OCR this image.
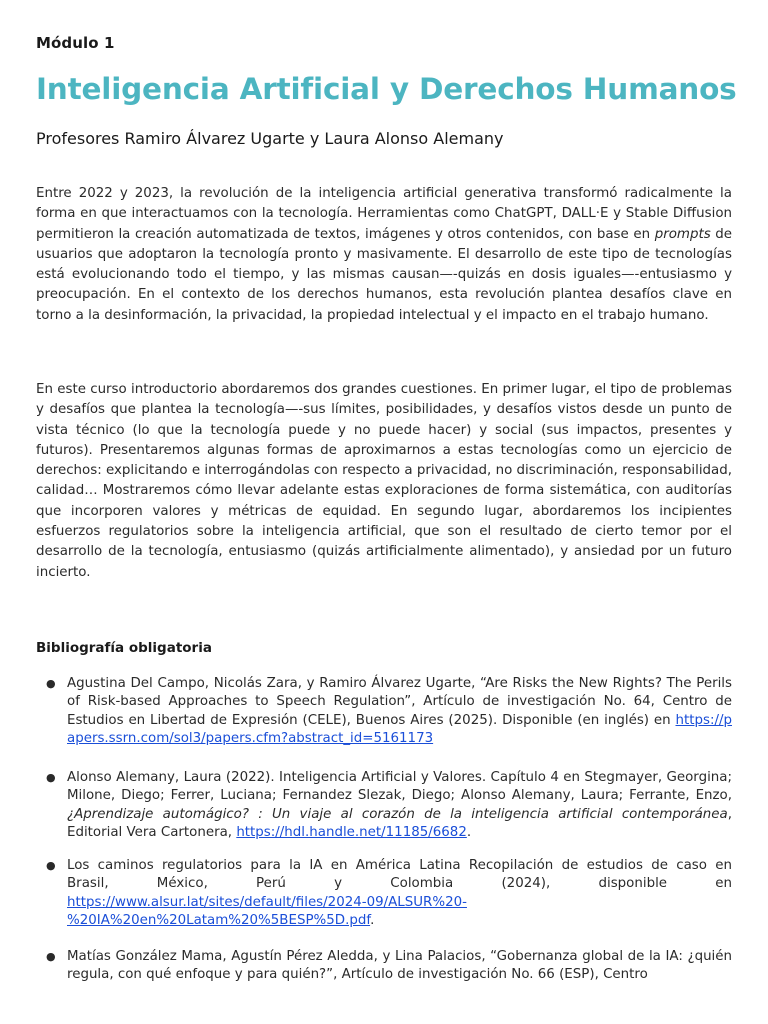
Módulo 1
Inteligencia Artificial y Derechos Humanos
Profesores Ramiro Álvarez Ugarte y Laura Alonso Alemany

Entre 2022 y 2023, la revolución de la inteligencia artificial generativa transformó radicalmente la forma en que interactuamos con la tecnología. Herramientas como ChatGPT, DALL·E y Stable Diffusion permitieron la creación automatizada de textos, imágenes y otros contenidos, con base en prompts de usuarios que adoptaron la tecnología pronto y masivamente. El desarrollo de este tipo de tecnologías está evolucionando todo el tiempo, y las mismas causan—-quizás en dosis iguales—-entusiasmo y preocupación. En el contexto de los derechos humanos, esta revolución plantea desafíos clave en torno a la desinformación, la privacidad, la propiedad intelectual y el impacto en el trabajo humano.

En este curso introductorio abordaremos dos grandes cuestiones. En primer lugar, el tipo de problemas y desafíos que plantea la tecnología—-sus límites, posibilidades, y desafíos vistos desde un punto de vista técnico (lo que la tecnología puede y no puede hacer) y social (sus impactos, presentes y futuros). Presentaremos algunas formas de aproximarnos a estas tecnologías como un ejercicio de derechos: explicitando e interrogándolas con respecto a privacidad, no discriminación, responsabilidad, calidad… Mostraremos cómo llevar adelante estas exploraciones de forma sistemática, con auditorías que incorporen valores y métricas de equidad. En segundo lugar, abordaremos los incipientes esfuerzos regulatorios sobre la inteligencia artificial, que son el resultado de cierto temor por el desarrollo de la tecnología, entusiasmo (quizás artificialmente alimentado), y ansiedad por un futuro incierto.

Bibliografía obligatoria
● Agustina Del Campo, Nicolás Zara, y Ramiro Álvarez Ugarte, “Are Risks the New Rights? The Perils of Risk-based Approaches to Speech Regulation”, Artículo de investigación No. 64, Centro de Estudios en Libertad de Expresión (CELE), Buenos Aires (2025). Disponible (en inglés) en https://papers.ssrn.com/sol3/papers.cfm?abstract_id=5161173
● Alonso Alemany, Laura (2022). Inteligencia Artificial y Valores. Capítulo 4 en Stegmayer, Georgina; Milone, Diego; Ferrer, Luciana; Fernandez Slezak, Diego; Alonso Alemany, Laura; Ferrante, Enzo, ¿Aprendizaje automágico? : Un viaje al corazón de la inteligencia artificial contemporánea, Editorial Vera Cartonera, https://hdl.handle.net/11185/6682.
● Los caminos regulatorios para la IA en América Latina Recopilación de estudios de caso en
Brasil, México, Perú y Colombia (2024), disponible en
https://www.alsur.lat/sites/default/files/2024-09/ALSUR%20-
%20IA%20en%20Latam%20%5BESP%5D.pdf.
● Matías González Mama, Agustín Pérez Aledda, y Lina Palacios, “Gobernanza global de la IA: ¿quién regula, con qué enfoque y para quién?”, Artículo de investigación No. 66 (ESP), Centro
